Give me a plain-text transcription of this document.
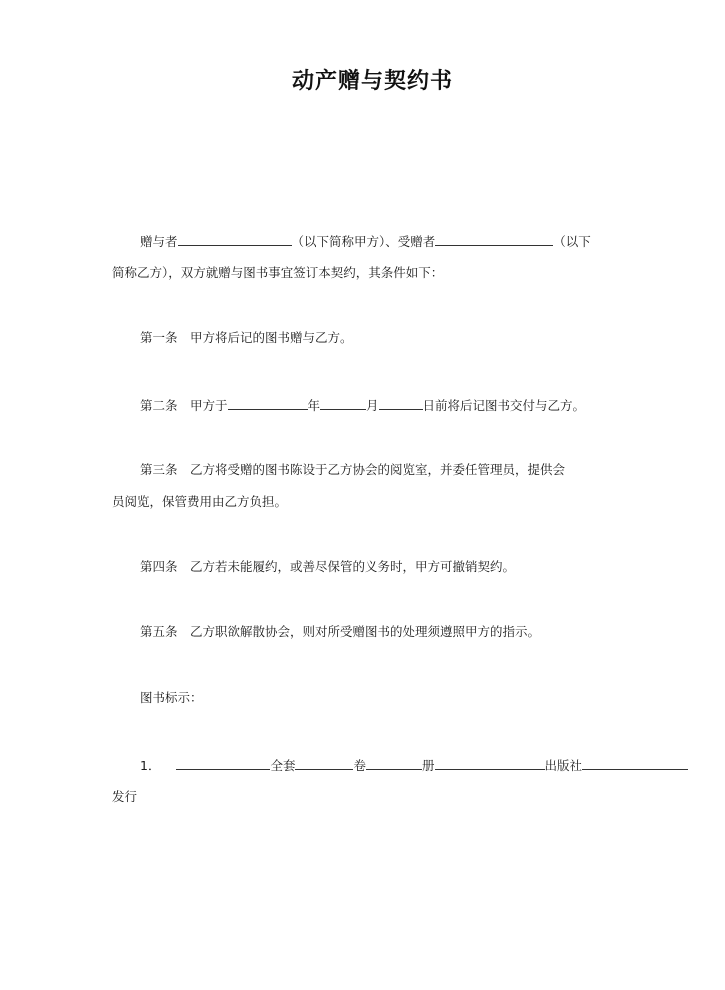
动产赠与契约书
赠与者	（以下简称甲方）、受赠者	（以下
简称乙方），双方就赠与图书事宜签订本契约，其条件如下：
第一条　甲方将后记的图书赠与乙方。
第二条　甲方于	年	月	日前将后记图书交付与乙方。
第三条　乙方将受赠的图书陈设于乙方协会的阅览室，并委任管理员，提供会
员阅览，保管费用由乙方负担。
第四条　乙方若未能履约，或善尽保管的义务时，甲方可撤销契约。
第五条　乙方职欲解散协会，则对所受赠图书的处理须遵照甲方的指示。
图书标示：
1．	全套	卷	册	出版社
发行
